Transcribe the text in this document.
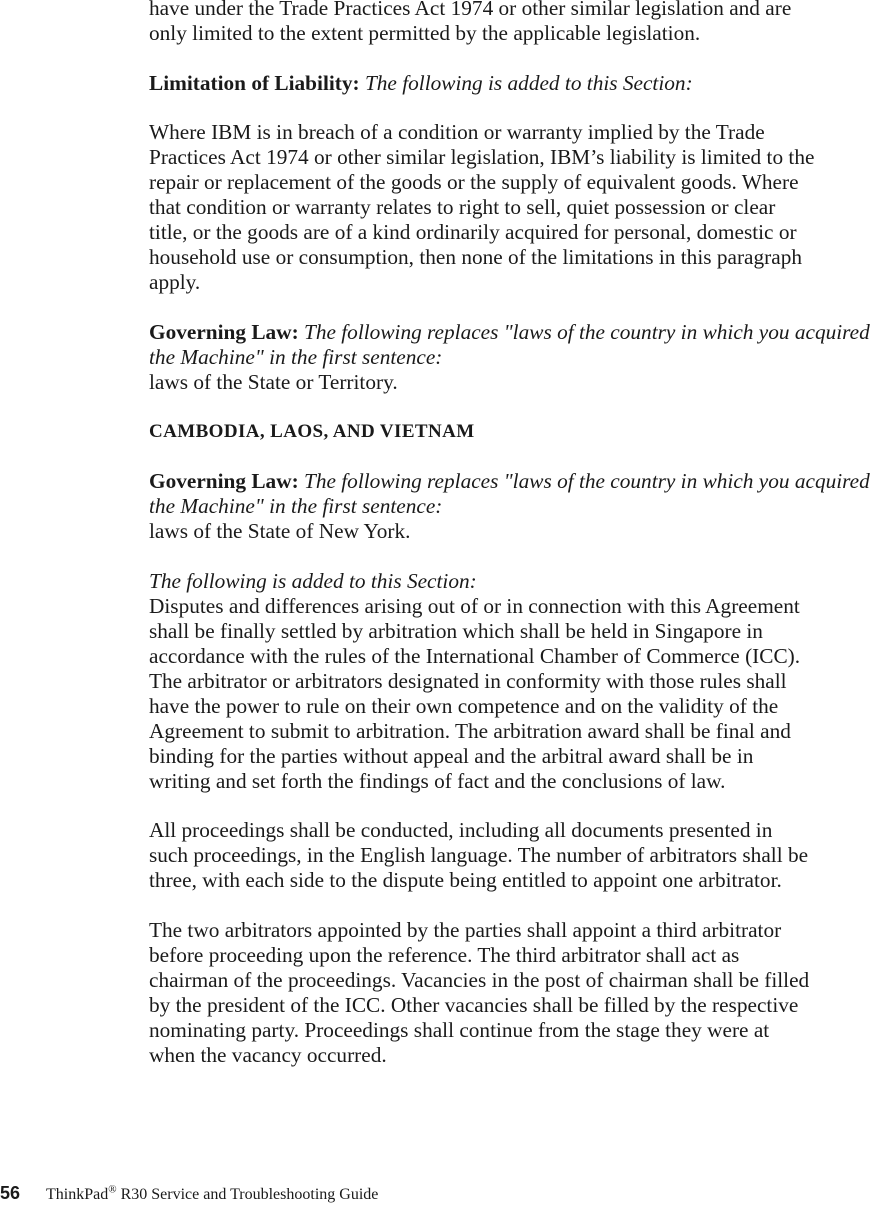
have under the Trade Practices Act 1974 or other similar legislation and are
only limited to the extent permitted by the applicable legislation.

Limitation of Liability: The following is added to this Section:

Where IBM is in breach of a condition or warranty implied by the Trade
Practices Act 1974 or other similar legislation, IBM’s liability is limited to the
repair or replacement of the goods or the supply of equivalent goods. Where
that condition or warranty relates to right to sell, quiet possession or clear
title, or the goods are of a kind ordinarily acquired for personal, domestic or
household use or consumption, then none of the limitations in this paragraph
apply.

Governing Law: The following replaces "laws of the country in which you acquired
the Machine" in the first sentence:
laws of the State or Territory.

CAMBODIA, LAOS, AND VIETNAM

Governing Law: The following replaces "laws of the country in which you acquired
the Machine" in the first sentence:
laws of the State of New York.

The following is added to this Section:
Disputes and differences arising out of or in connection with this Agreement
shall be finally settled by arbitration which shall be held in Singapore in
accordance with the rules of the International Chamber of Commerce (ICC).
The arbitrator or arbitrators designated in conformity with those rules shall
have the power to rule on their own competence and on the validity of the
Agreement to submit to arbitration. The arbitration award shall be final and
binding for the parties without appeal and the arbitral award shall be in
writing and set forth the findings of fact and the conclusions of law.

All proceedings shall be conducted, including all documents presented in
such proceedings, in the English language. The number of arbitrators shall be
three, with each side to the dispute being entitled to appoint one arbitrator.

The two arbitrators appointed by the parties shall appoint a third arbitrator
before proceeding upon the reference. The third arbitrator shall act as
chairman of the proceedings. Vacancies in the post of chairman shall be filled
by the president of the ICC. Other vacancies shall be filled by the respective
nominating party. Proceedings shall continue from the stage they were at
when the vacancy occurred.

56 ThinkPad® R30 Service and Troubleshooting Guide
